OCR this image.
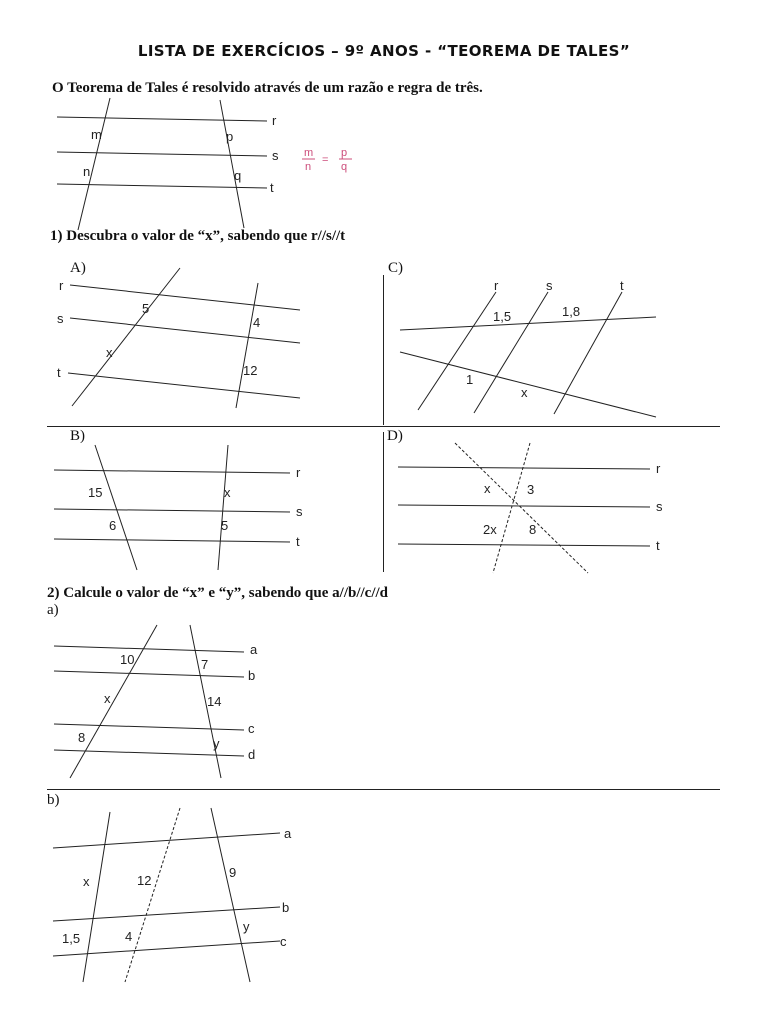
LISTA DE EXERCÍCIOS – 9º ANOS - “TEOREMA DE TALES”
O Teorema de Tales é resolvido através de um razão e regra de três.
1) Descubra o valor de “x”, sabendo que r//s//t
2) Calcule o valor de “x” e “y”, sabendo que a//b//c//d
A)	C)
B)	D)
a)
b)
r
s
t
m
n
p
q
m
n
=
p
q
r
s
t
5
4
x
12
r	s	t
1,5	1,8
1
x
r
s
t
15	x
6	5
r
s
t
x	3
2x 8
a
b
c
d
10	7
x	14
8	y
a
b
c
x	12
9
1,5	4
y
